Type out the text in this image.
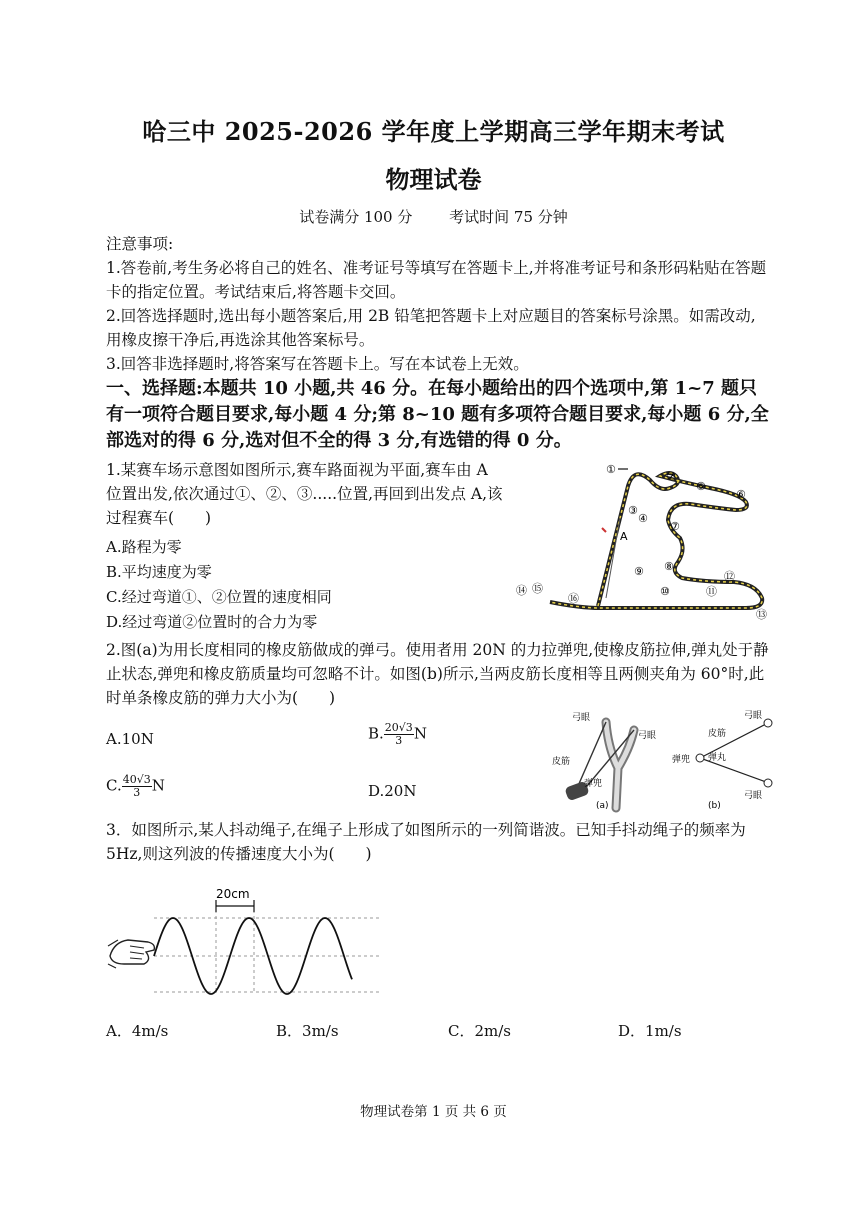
哈三中 2025-2026 学年度上学期高三学年期末考试
物理试卷
试卷满分 100 分 考试时间 75 分钟
注意事项:
1.答卷前,考生务必将自己的姓名、准考证号等填写在答题卡上,并将准考证号和条形码粘贴在答题卡的指定位置。考试结束后,将答题卡交回。
2.回答选择题时,选出每小题答案后,用 2B 铅笔把答题卡上对应题目的答案标号涂黑。如需改动,用橡皮擦干净后,再选涂其他答案标号。
3.回答非选择题时,将答案写在答题卡上。写在本试卷上无效。
一、选择题:本题共 10 小题,共 46 分。在每小题给出的四个选项中,第 1~7 题只有一项符合题目要求,每小题 4 分;第 8~10 题有多项符合题目要求,每小题 6 分,全部选对的得 6 分,选对但不全的得 3 分,有选错的得 0 分。
1.某赛车场示意图如图所示,赛车路面视为平面,赛车由 A 位置出发,依次通过①、②、③.....位置,再回到出发点 A,该过程赛车(　　)
A.路程为零
B.平均速度为零
C.经过弯道①、②位置的速度相同
D.经过弯道②位置时的合力为零
A
①
②
③
④
⑤
⑥
⑦
⑧
⑨
⑩	⑪
⑫
⑬
⑭ ⑮
⑯
2.图(a)为用长度相同的橡皮筋做成的弹弓。使用者用 20N 的力拉弹兜,使橡皮筋拉伸,弹丸处于静止状态,弹兜和橡皮筋质量均可忽略不计。如图(b)所示,当两皮筋长度相等且两侧夹角为 60°时,此时单条橡皮筋的弹力大小为(　　)
A.10N	B. $\frac{20√3}{3}$ N
C. $\frac{40√3}{3}$ N	D.20N
弓眼
弓眼
皮筋
弹兜
(a)
弓眼
皮筋
弹兜 弹丸
弓眼
(b)
3．如图所示,某人抖动绳子,在绳子上形成了如图所示的一列简谐波。已知手抖动绳子的频率为 5Hz,则这列波的传播速度大小为(　　)
20cm
A．4m/s	B．3m/s	C．2m/s	D．1m/s
物理试卷第 1 页 共 6 页
